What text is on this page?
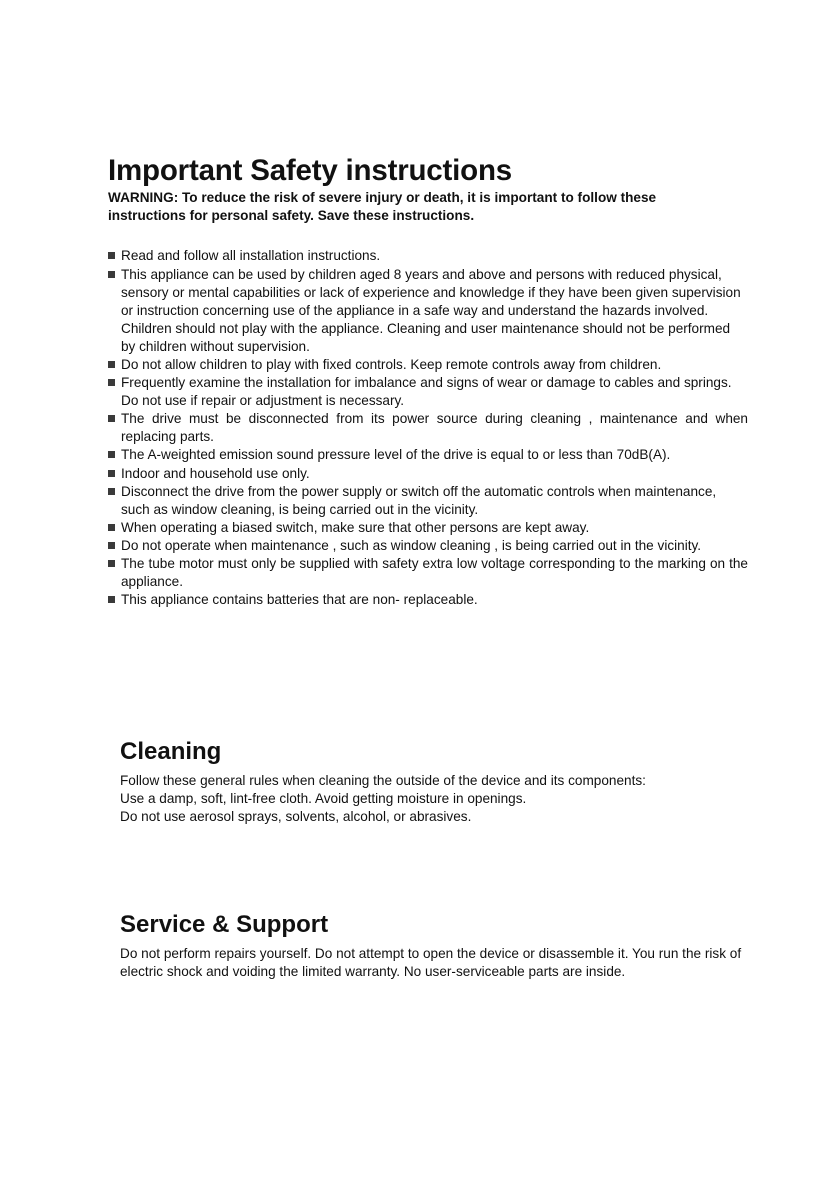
Important Safety instructions

WARNING: To reduce the risk of severe injury or death, it is important to follow these instructions for personal safety. Save these instructions.

Read and follow all installation instructions.
This appliance can be used by children aged 8 years and above and persons with reduced physical, sensory or mental capabilities or lack of experience and knowledge if they have been given supervision or instruction concerning use of the appliance in a safe way and understand the hazards involved. Children should not play with the appliance. Cleaning and user maintenance should not be performed by children without supervision.
Do not allow children to play with fixed controls. Keep remote controls away from children.
Frequently examine the installation for imbalance and signs of wear or damage to cables and springs. Do not use if repair or adjustment is necessary.
The drive must be disconnected from its power source during cleaning , maintenance and when replacing parts.
The A-weighted emission sound pressure level of the drive is equal to or less than 70dB(A).
Indoor and household use only.
Disconnect the drive from the power supply or switch off the automatic controls when maintenance, such as window cleaning, is being carried out in the vicinity.
When operating a biased switch, make sure that other persons are kept away.
Do not operate when maintenance , such as window cleaning , is being carried out in the vicinity.
The tube motor must only be supplied with safety extra low voltage corresponding to the marking on the appliance.
This appliance contains batteries that are non- replaceable.
Cleaning

Follow these general rules when cleaning the outside of the device and its components:
Use a damp, soft, lint-free cloth. Avoid getting moisture in openings.
Do not use aerosol sprays, solvents, alcohol, or abrasives.

Service & Support

Do not perform repairs yourself. Do not attempt to open the device or disassemble it. You run the risk of electric shock and voiding the limited warranty. No user-serviceable parts are inside.
